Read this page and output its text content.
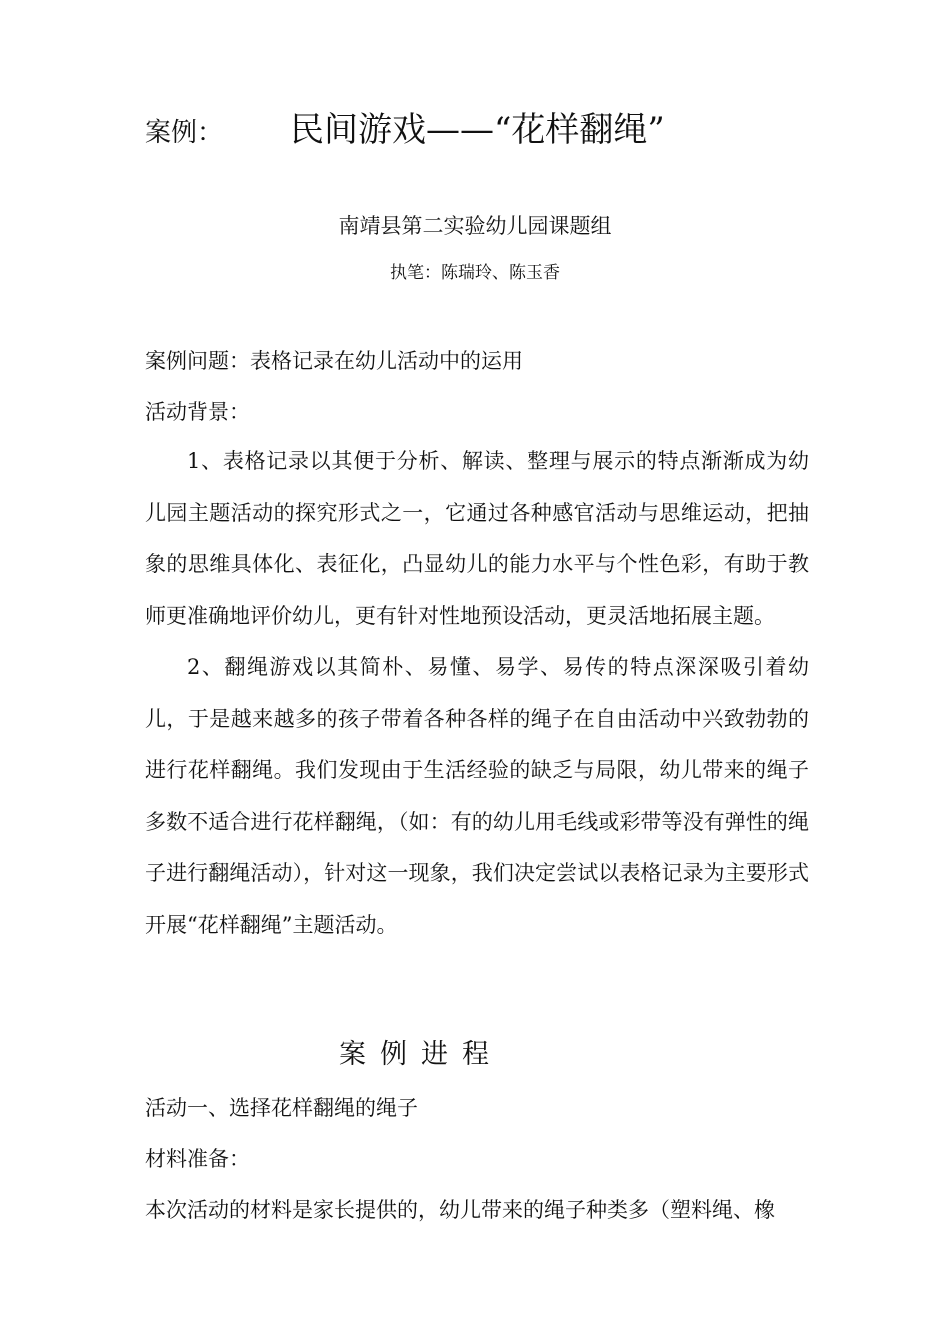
案例： 民间游戏——“花样翻绳”
南靖县第二实验幼儿园课题组
执笔：陈瑞玲、陈玉香
案例问题：表格记录在幼儿活动中的运用
活动背景：

1、表格记录以其便于分析、解读、整理与展示的特点渐渐成为幼儿园主题活动的探究形式之一，它通过各种感官活动与思维运动，把抽象的思维具体化、表征化，凸显幼儿的能力水平与个性色彩，有助于教师更准确地评价幼儿，更有针对性地预设活动，更灵活地拓展主题。

2、翻绳游戏以其简朴、易懂、易学、易传的特点深深吸引着幼儿，于是越来越多的孩子带着各种各样的绳子在自由活动中兴致勃勃的进行花样翻绳。我们发现由于生活经验的缺乏与局限，幼儿带来的绳子多数不适合进行花样翻绳，（如：有的幼儿用毛线或彩带等没有弹性的绳子进行翻绳活动），针对这一现象，我们决定尝试以表格记录为主要形式开展“花样翻绳”主题活动。

案例进程
活动一、选择花样翻绳的绳子
材料准备：
本次活动的材料是家长提供的，幼儿带来的绳子种类多（塑料绳、橡
